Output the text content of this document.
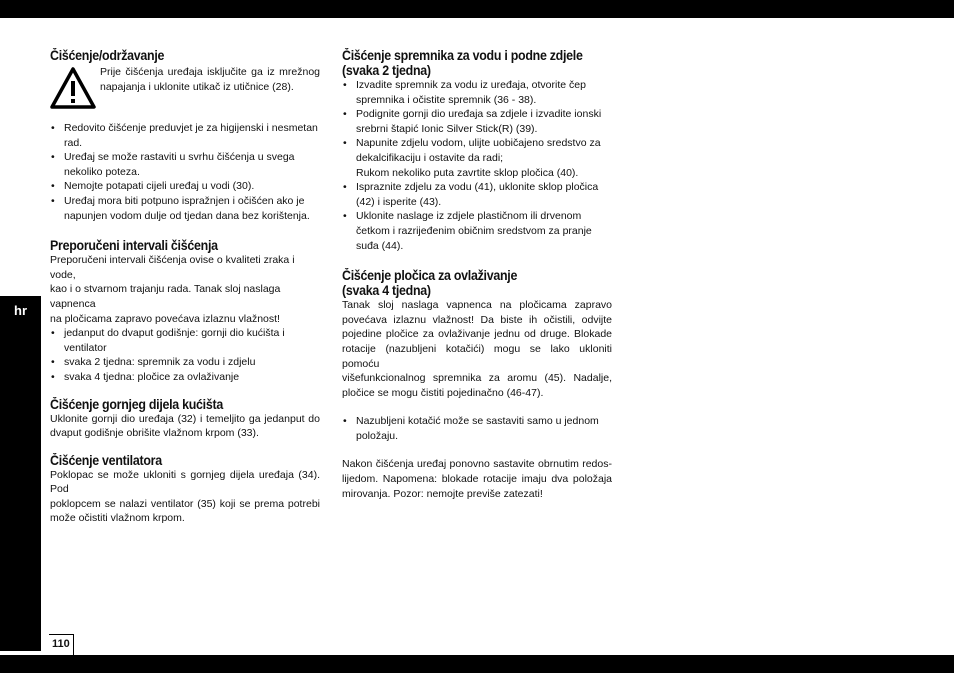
hr
110
Čišćenje/održavanje
Prije čišćenja uređaja isključite ga iz mrežnog
napajanja i uklonite utikač iz utičnice (28).
• Redovito čišćenje preduvjet je za higijenski i nesmetan
rad.
• Uređaj se može rastaviti u svrhu čišćenja u svega
nekoliko poteza.
• Nemojte potapati cijeli uređaj u vodi (30).
• Uređaj mora biti potpuno ispražnjen i očišćen ako je
napunjen vodom dulje od tjedan dana bez korištenja.
Preporučeni intervali čišćenja
Preporučeni intervali čišćenja ovise o kvaliteti zraka i vode,
kao i o stvarnom trajanju rada. Tanak sloj naslaga vapnenca
na pločicama zapravo povećava izlaznu vlažnost!
• jedanput do dvaput godišnje: gornji dio kućišta i
ventilator
• svaka 2 tjedna: spremnik za vodu i zdjelu
• svaka 4 tjedna: pločice za ovlaživanje
Čišćenje gornjeg dijela kućišta
Uklonite gornji dio uređaja (32) i temeljito ga jedanput do
dvaput godišnje obrišite vlažnom krpom (33).
Čišćenje ventilatora
Poklopac se može ukloniti s gornjeg dijela uređaja (34). Pod
poklopcem se nalazi ventilator (35) koji se prema potrebi
može očistiti vlažnom krpom.
Čišćenje spremnika za vodu i podne zdjele
(svaka 2 tjedna)
• Izvadite spremnik za vodu iz uređaja, otvorite čep
spremnika i očistite spremnik (36 - 38).
• Podignite gornji dio uređaja sa zdjele i izvadite ionski
srebrni štapić Ionic Silver Stick(R) (39).
• Napunite zdjelu vodom, ulijte uobičajeno sredstvo za
dekalcifikaciju i ostavite da radi;
Rukom nekoliko puta zavrtite sklop pločica (40).
• Ispraznite zdjelu za vodu (41), uklonite sklop pločica
(42) i isperite (43).
• Uklonite naslage iz zdjele plastičnom ili drvenom
četkom i razrijeđenim običnim sredstvom za pranje
suđa (44).
Čišćenje pločica za ovlaživanje
(svaka 4 tjedna)
Tanak sloj naslaga vapnenca na pločicama zapravo
povećava izlaznu vlažnost! Da biste ih očistili, odvijte
pojedine pločice za ovlaživanje jednu od druge. Blokade
rotacije (nazubljeni kotačići) mogu se lako ukloniti pomoću
višefunkcionalnog spremnika za aromu (45). Nadalje,
pločice se mogu čistiti pojedinačno (46-47).
• Nazubljeni kotačić može se sastaviti samo u jednom
položaju.
Nakon čišćenja uređaj ponovno sastavite obrnutim redos-
lijedom. Napomena: blokade rotacije imaju dva položaja
mirovanja. Pozor: nemojte previše zatezati!
